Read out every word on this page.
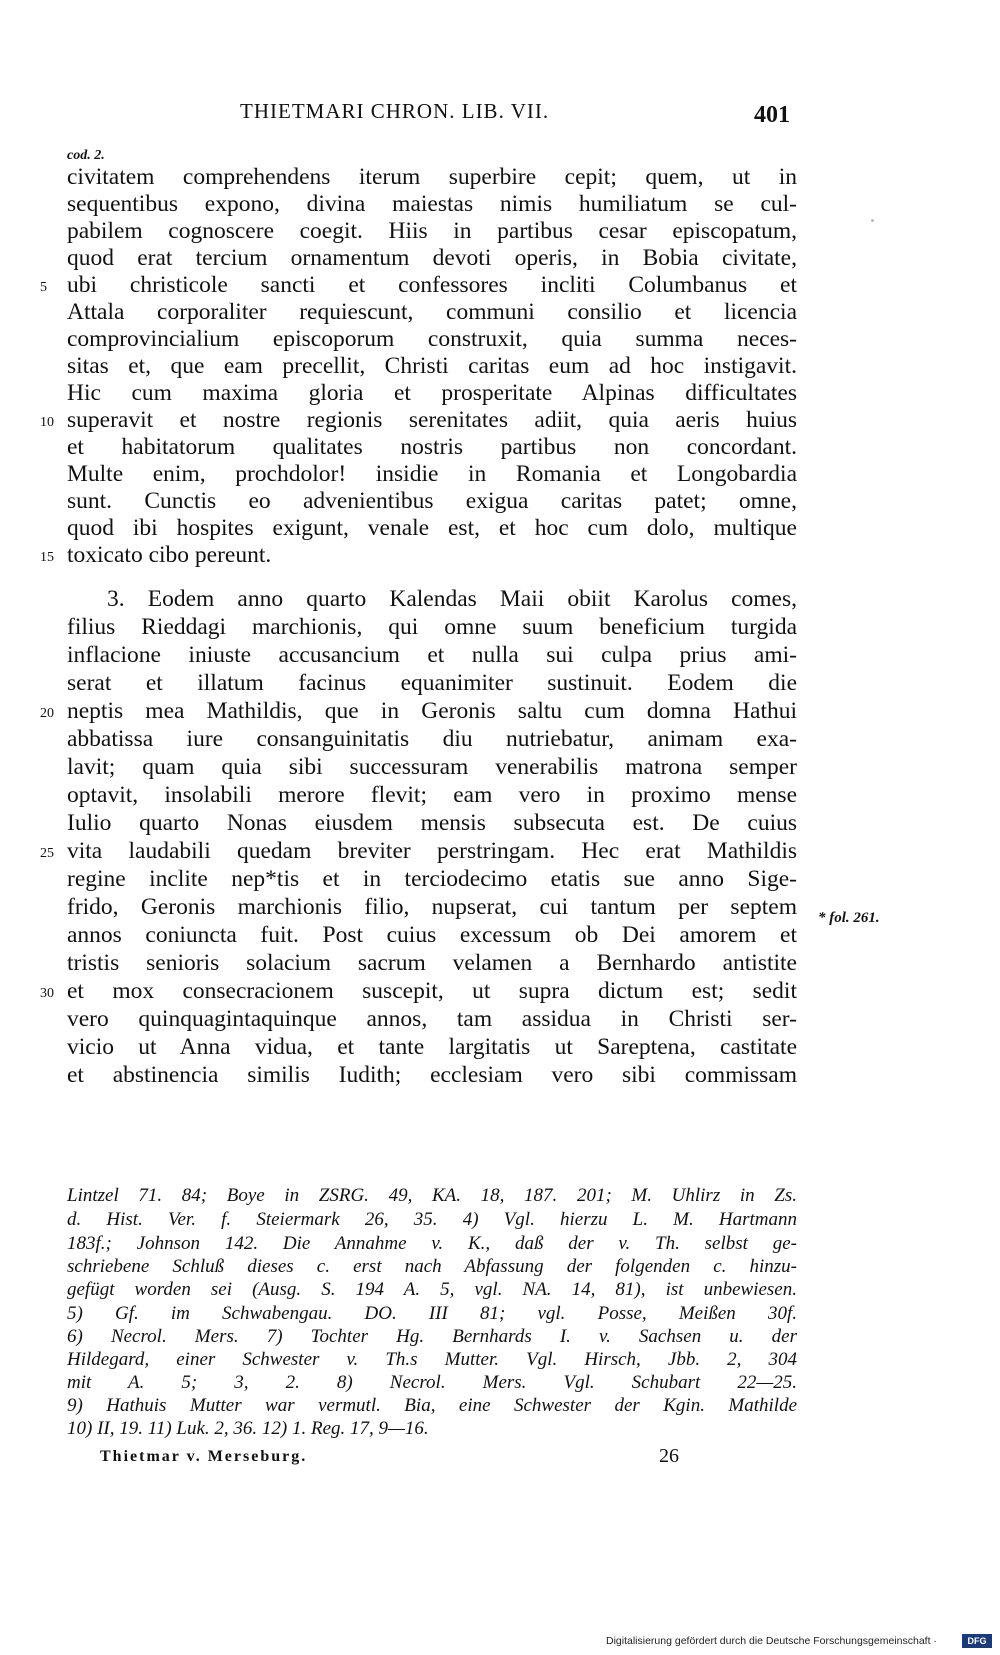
THIETMARI CHRON. LIB. VII.	401
cod. 2.
civitatem comprehendens iterum superbire cepit; quem, ut in
sequentibus expono, divina maiestas nimis humiliatum se cul-
pabilem cognoscere coegit. Hiis in partibus cesar episcopatum,
quod erat tercium ornamentum devoti operis, in Bobia civitate,
ubi christicole sancti et confessores incliti Columbanus et
Attala corporaliter requiescunt, communi consilio et licencia
comprovincialium episcoporum construxit, quia summa neces-
sitas et, que eam precellit, Christi caritas eum ad hoc instigavit.
Hic cum maxima gloria et prosperitate Alpinas difficultates
superavit et nostre regionis serenitates adiit, quia aeris huius
et habitatorum qualitates nostris partibus non concordant.
Multe enim, prochdolor! insidie in Romania et Longobardia
sunt. Cunctis eo advenientibus exigua caritas patet; omne,
quod ibi hospites exigunt, venale est, et hoc cum dolo, multique
toxicato cibo pereunt.
3. Eodem anno quarto Kalendas Maii obiit Karolus comes,
filius Rieddagi marchionis, qui omne suum beneficium turgida
inflacione iniuste accusancium et nulla sui culpa prius ami-
serat et illatum facinus equanimiter sustinuit. Eodem die
neptis mea Mathildis, que in Geronis saltu cum domna Hathui
abbatissa iure consanguinitatis diu nutriebatur, animam exa-
lavit; quam quia sibi successuram venerabilis matrona semper
optavit, insolabili merore flevit; eam vero in proximo mense
Iulio quarto Nonas eiusdem mensis subsecuta est. De cuius
vita laudabili quedam breviter perstringam. Hec erat Mathildis
regine inclite nep*tis et in terciodecimo etatis sue anno Sige-
frido, Geronis marchionis filio, nupserat, cui tantum per septem
annos coniuncta fuit. Post cuius excessum ob Dei amorem et
tristis senioris solacium sacrum velamen a Bernhardo antistite
et mox consecracionem suscepit, ut supra dictum est; sedit
vero quinquagintaquinque annos, tam assidua in Christi ser-
vicio ut Anna vidua, et tante largitatis ut Sareptena, castitate
et abstinencia similis Iudith; ecclesiam vero sibi commissam
5
10
15
20
25
30
* fol. 261.
Lintzel 71. 84; Boye in ZSRG. 49, KA. 18, 187. 201; M. Uhlirz in Zs.
d. Hist. Ver. f. Steiermark 26, 35. 4) Vgl. hierzu L. M. Hartmann
183f.; Johnson 142. Die Annahme v. K., daß der v. Th. selbst ge-
schriebene Schluß dieses c. erst nach Abfassung der folgenden c. hinzu-
gefügt worden sei (Ausg. S. 194 A. 5, vgl. NA. 14, 81), ist unbewiesen.
5) Gf. im Schwabengau. DO. III 81; vgl. Posse, Meißen 30f.
6) Necrol. Mers. 7) Tochter Hg. Bernhards I. v. Sachsen u. der
Hildegard, einer Schwester v. Th.s Mutter. Vgl. Hirsch, Jbb. 2, 304
mit A. 5; 3, 2. 8) Necrol. Mers. Vgl. Schubart 22—25.
9) Hathuis Mutter war vermutl. Bia, eine Schwester der Kgin. Mathilde
10) II, 19. 11) Luk. 2, 36. 12) 1. Reg. 17, 9—16.
Thietmar v. Merseburg.	26
Digitalisierung gefördert durch die Deutsche Forschungsgemeinschaft ·	DFG
